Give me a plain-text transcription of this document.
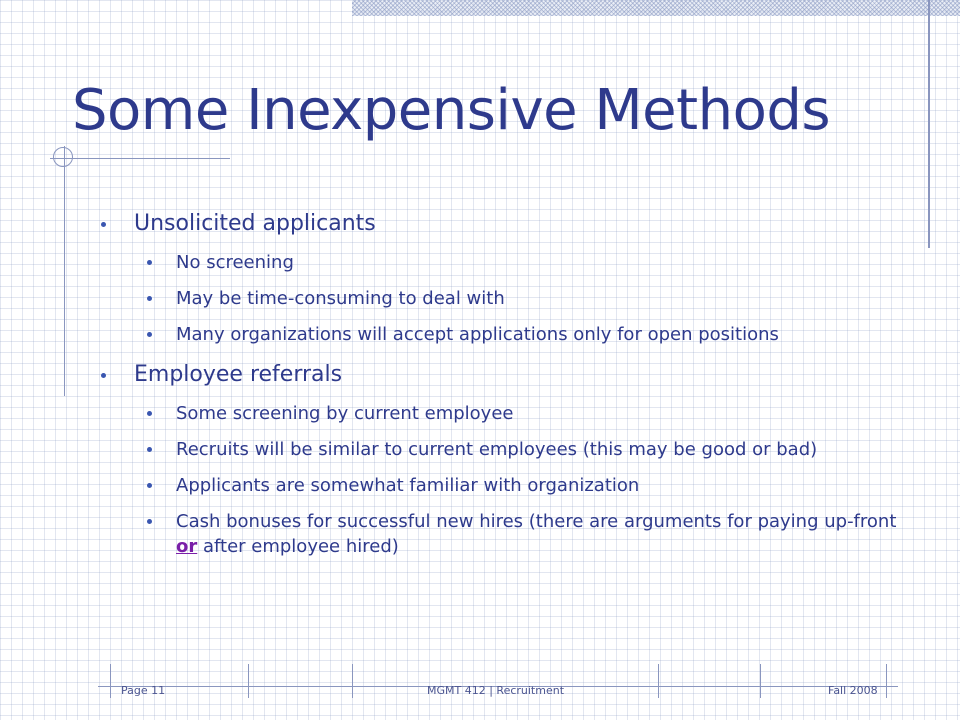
Some Inexpensive Methods
Unsolicited applicants
No screening
May be time-consuming to deal with
Many organizations will accept applications only for open positions
Employee referrals
Some screening by current employee
Recruits will be similar to current employees (this may be good or bad)
Applicants are somewhat familiar with organization
Cash bonuses for successful new hires (there are arguments for paying up-front or after employee hired)
Page 11	MGMT 412 | Recruitment	Fall 2008
